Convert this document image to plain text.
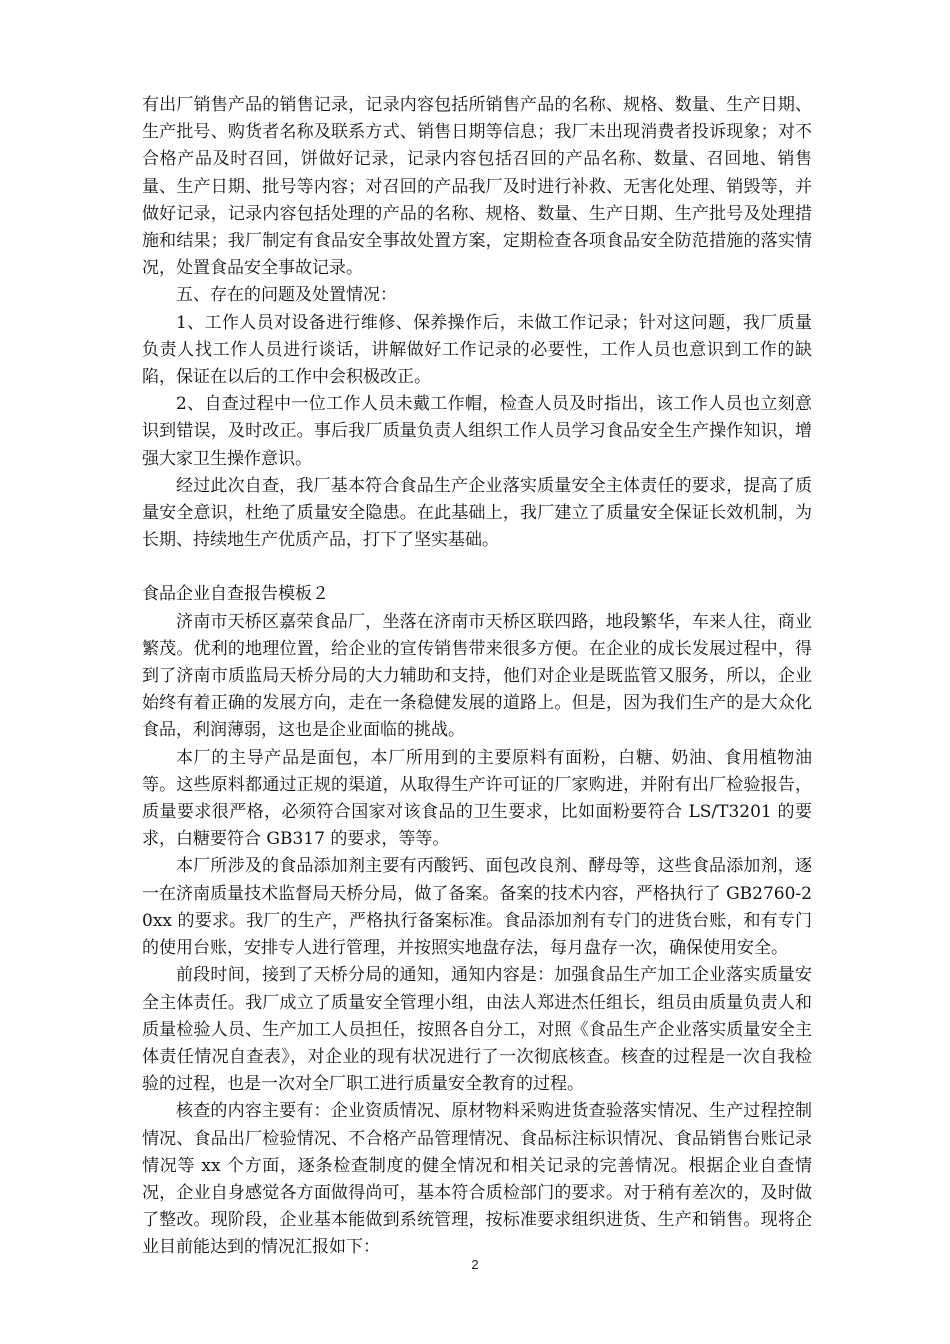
有出厂销售产品的销售记录，记录内容包括所销售产品的名称、规格、数量、生产日期、生产批号、购货者名称及联系方式、销售日期等信息；我厂未出现消费者投诉现象；对不合格产品及时召回，饼做好记录，记录内容包括召回的产品名称、数量、召回地、销售量、生产日期、批号等内容；对召回的产品我厂及时进行补救、无害化处理、销毁等，并做好记录，记录内容包括处理的产品的名称、规格、数量、生产日期、生产批号及处理措施和结果；我厂制定有食品安全事故处置方案，定期检查各项食品安全防范措施的落实情况，处置食品安全事故记录。

五、存在的问题及处置情况：

1、工作人员对设备进行维修、保养操作后，未做工作记录；针对这问题，我厂质量负责人找工作人员进行谈话，讲解做好工作记录的必要性，工作人员也意识到工作的缺陷，保证在以后的工作中会积极改正。

2、自查过程中一位工作人员未戴工作帽，检查人员及时指出，该工作人员也立刻意识到错误，及时改正。事后我厂质量负责人组织工作人员学习食品安全生产操作知识，增强大家卫生操作意识。

经过此次自查，我厂基本符合食品生产企业落实质量安全主体责任的要求，提高了质量安全意识，杜绝了质量安全隐患。在此基础上，我厂建立了质量安全保证长效机制，为长期、持续地生产优质产品，打下了坚实基础。

食品企业自查报告模板２

济南市天桥区嘉荣食品厂，坐落在济南市天桥区联四路，地段繁华，车来人往，商业繁茂。优利的地理位置，给企业的宣传销售带来很多方便。在企业的成长发展过程中，得到了济南市质监局天桥分局的大力辅助和支持，他们对企业是既监管又服务，所以，企业始终有着正确的发展方向，走在一条稳健发展的道路上。但是，因为我们生产的是大众化食品，利润薄弱，这也是企业面临的挑战。

本厂的主导产品是面包，本厂所用到的主要原料有面粉，白糖、奶油、食用植物油等。这些原料都通过正规的渠道，从取得生产许可证的厂家购进，并附有出厂检验报告，质量要求很严格，必须符合国家对该食品的卫生要求，比如面粉要符合 LS/T3201 的要求，白糖要符合 GB317 的要求，等等。

本厂所涉及的食品添加剂主要有丙酸钙、面包改良剂、酵母等，这些食品添加剂，逐一在济南质量技术监督局天桥分局，做了备案。备案的技术内容，严格执行了 GB2760-20xx 的要求。我厂的生产，严格执行备案标准。食品添加剂有专门的进货台账，和有专门的使用台账，安排专人进行管理，并按照实地盘存法，每月盘存一次，确保使用安全。

前段时间，接到了天桥分局的通知，通知内容是：加强食品生产加工企业落实质量安全主体责任。我厂成立了质量安全管理小组，由法人郑进杰任组长，组员由质量负责人和质量检验人员、生产加工人员担任，按照各自分工，对照《食品生产企业落实质量安全主体责任情况自查表》，对企业的现有状况进行了一次彻底核查。核查的过程是一次自我检验的过程，也是一次对全厂职工进行质量安全教育的过程。

核查的内容主要有：企业资质情况、原材物料采购进货查验落实情况、生产过程控制情况、食品出厂检验情况、不合格产品管理情况、食品标注标识情况、食品销售台账记录情况等 xx 个方面，逐条检查制度的健全情况和相关记录的完善情况。根据企业自查情况，企业自身感觉各方面做得尚可，基本符合质检部门的要求。对于稍有差次的，及时做了整改。现阶段，企业基本能做到系统管理，按标准要求组织进货、生产和销售。现将企业目前能达到的情况汇报如下：

2
